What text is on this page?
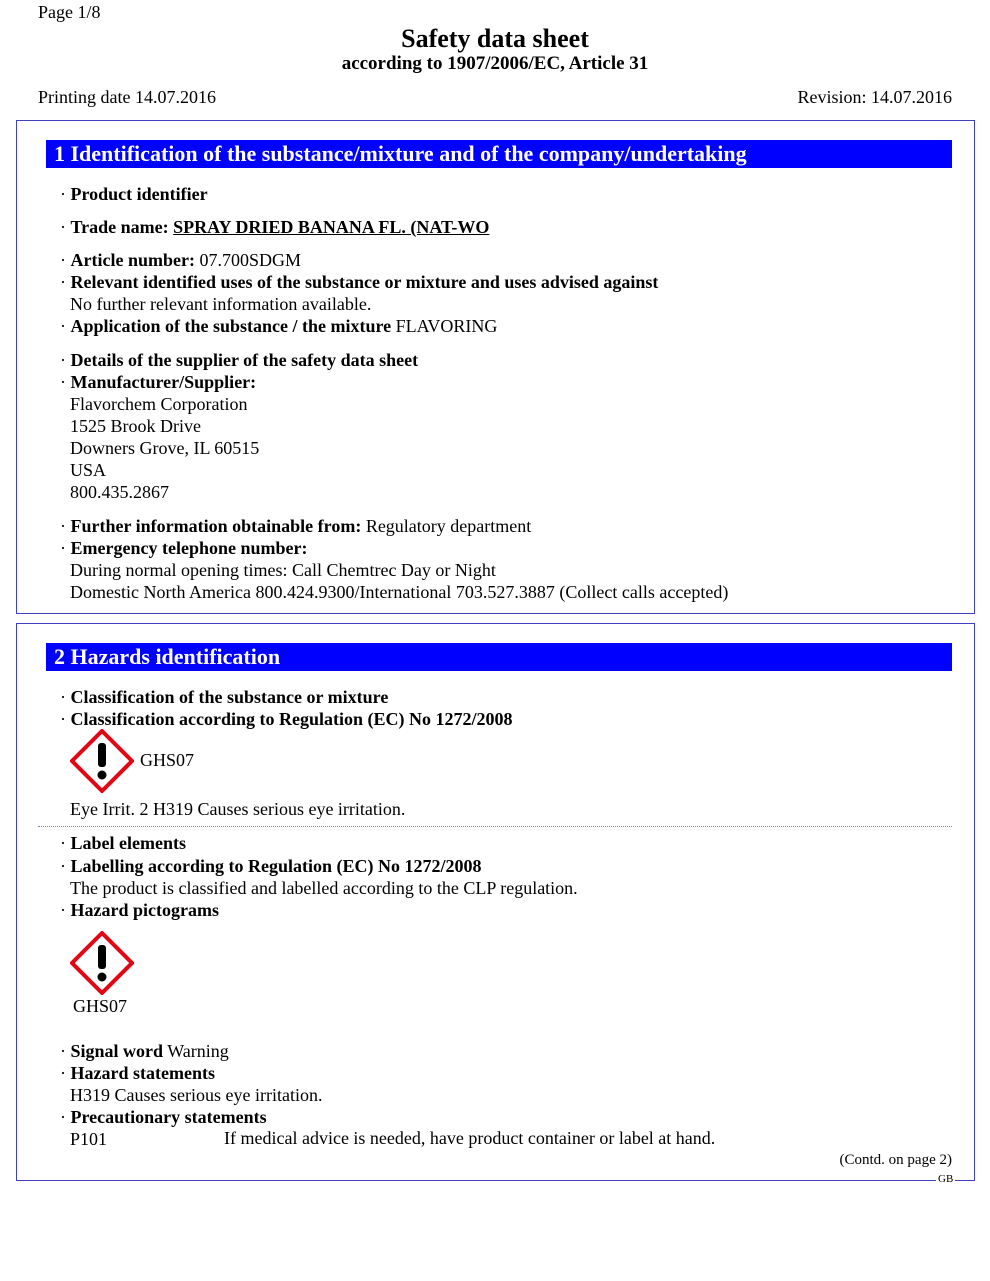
Page 1/8
Safety data sheet
according to 1907/2006/EC, Article 31
Printing date 14.07.2016	Revision: 14.07.2016
1 Identification of the substance/mixture and of the company/undertaking
· Product identifier
· Trade name: SPRAY DRIED BANANA FL. (NAT-WO
· Article number: 07.700SDGM
· Relevant identified uses of the substance or mixture and uses advised against
No further relevant information available.
· Application of the substance / the mixture FLAVORING
· Details of the supplier of the safety data sheet
· Manufacturer/Supplier:
Flavorchem Corporation
1525 Brook Drive
Downers Grove, IL 60515
USA
800.435.2867
· Further information obtainable from: Regulatory department
· Emergency telephone number:
During normal opening times: Call Chemtrec Day or Night
Domestic North America 800.424.9300/International 703.527.3887 (Collect calls accepted)
2 Hazards identification
· Classification of the substance or mixture
· Classification according to Regulation (EC) No 1272/2008
GHS07
Eye Irrit. 2 H319 Causes serious eye irritation.
· Label elements
· Labelling according to Regulation (EC) No 1272/2008
The product is classified and labelled according to the CLP regulation.
· Hazard pictograms
GHS07
· Signal word Warning
· Hazard statements
H319 Causes serious eye irritation.
· Precautionary statements
P101	If medical advice is needed, have product container or label at hand.
(Contd. on page 2)
GB
